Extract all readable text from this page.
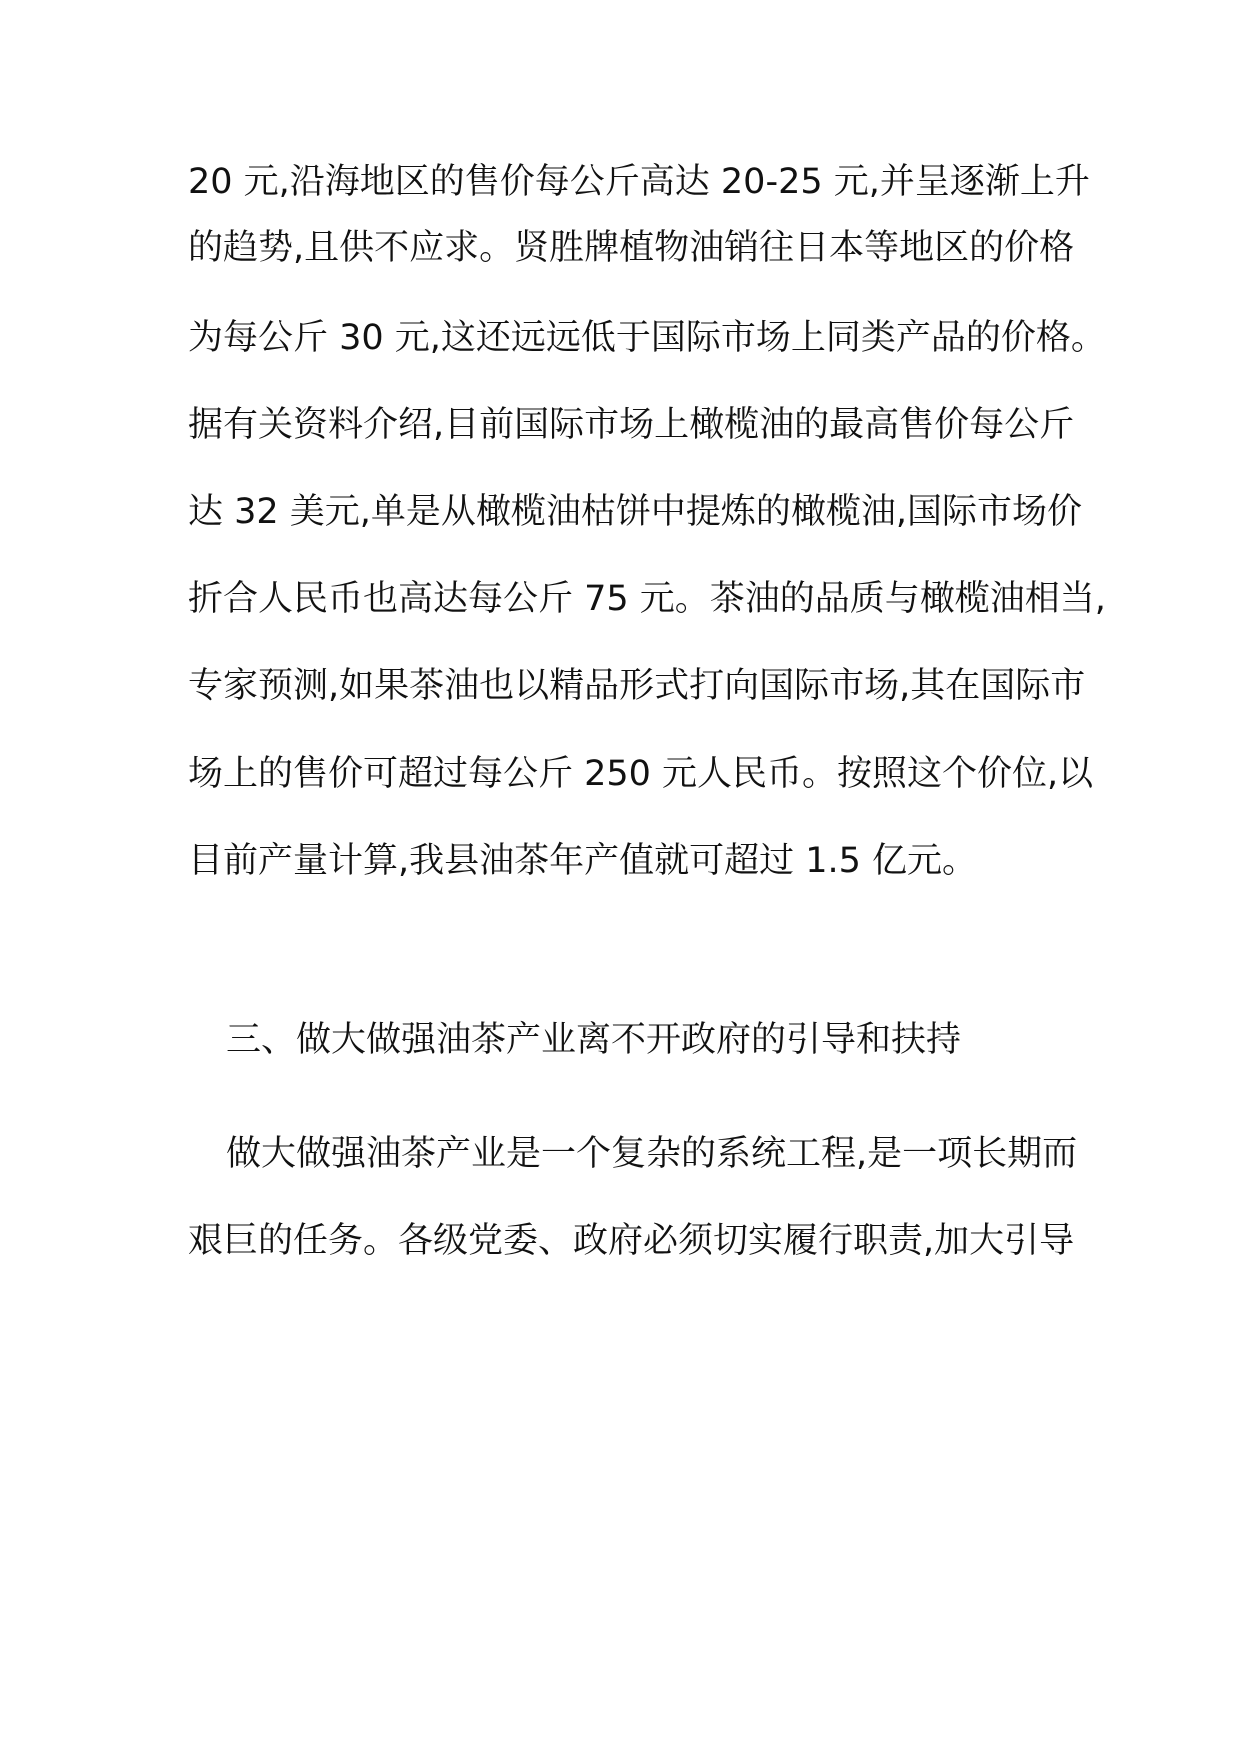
20 元,沿海地区的售价每公斤高达 20-25 元,并呈逐渐上升
的趋势,且供不应求。贤胜牌植物油销往日本等地区的价格
为每公斤 30 元,这还远远低于国际市场上同类产品的价格。
据有关资料介绍,目前国际市场上橄榄油的最高售价每公斤
达 32 美元,单是从橄榄油枯饼中提炼的橄榄油,国际市场价
折合人民币也高达每公斤 75 元。茶油的品质与橄榄油相当,
专家预测,如果茶油也以精品形式打向国际市场,其在国际市
场上的售价可超过每公斤 250 元人民币。按照这个价位,以
目前产量计算,我县油茶年产值就可超过 1.5 亿元。
三、做大做强油茶产业离不开政府的引导和扶持
做大做强油茶产业是一个复杂的系统工程,是一项长期而
艰巨的任务。各级党委、政府必须切实履行职责,加大引导
